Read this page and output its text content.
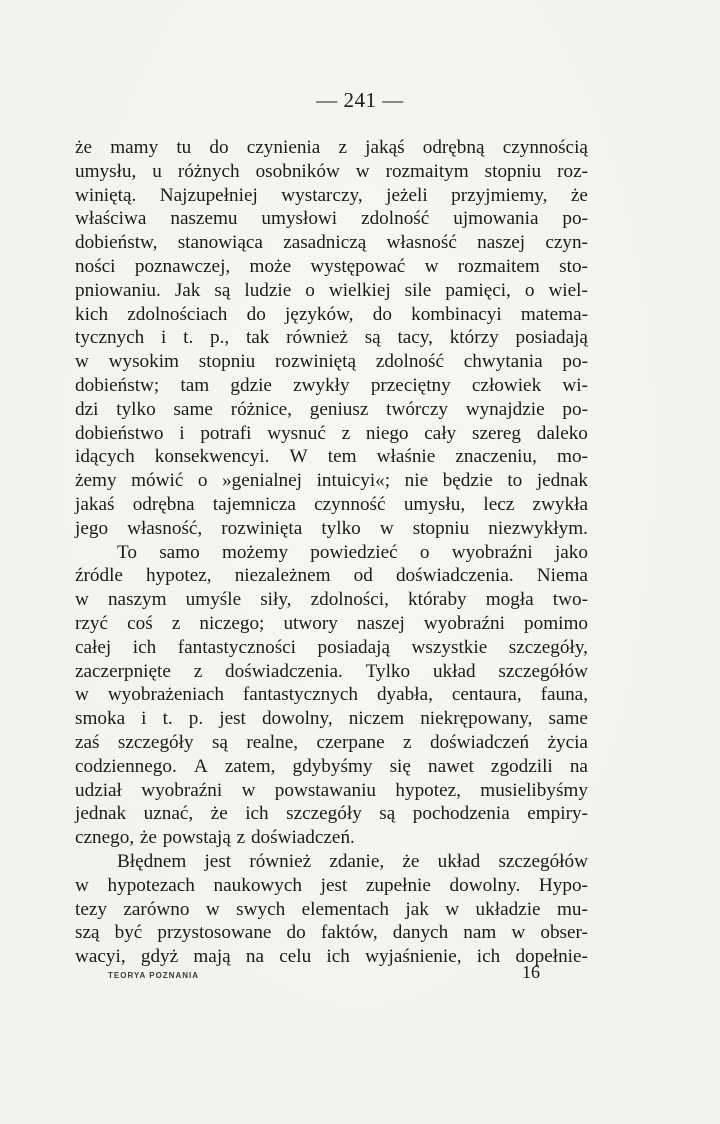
— 241 —
że mamy tu do czynienia z jakąś odrębną czynnością
umysłu, u różnych osobników w rozmaitym stopniu roz-
winiętą. Najzupełniej wystarczy, jeżeli przyjmiemy, że
właściwa naszemu umysłowi zdolność ujmowania po-
dobieństw, stanowiąca zasadniczą własność naszej czyn-
ności poznawczej, może występować w rozmaitem sto-
pniowaniu. Jak są ludzie o wielkiej sile pamięci, o wiel-
kich zdolnościach do języków, do kombinacyi matema-
tycznych i t. p., tak również są tacy, którzy posiadają
w wysokim stopniu rozwiniętą zdolność chwytania po-
dobieństw; tam gdzie zwykły przeciętny człowiek wi-
dzi tylko same różnice, geniusz twórczy wynajdzie po-
dobieństwo i potrafi wysnuć z niego cały szereg daleko
idących konsekwencyi. W tem właśnie znaczeniu, mo-
żemy mówić o »genialnej intuicyi«; nie będzie to jednak
jakaś odrębna tajemnicza czynność umysłu, lecz zwykła
jego własność, rozwinięta tylko w stopniu niezwykłym.
To samo możemy powiedzieć o wyobraźni jako
źródle hypotez, niezależnem od doświadczenia. Niema
w naszym umyśle siły, zdolności, któraby mogła two-
rzyć coś z niczego; utwory naszej wyobraźni pomimo
całej ich fantastyczności posiadają wszystkie szczegóły,
zaczerpnięte z doświadczenia. Tylko układ szczegółów
w wyobrażeniach fantastycznych dyabła, centaura, fauna,
smoka i t. p. jest dowolny, niczem niekrępowany, same
zaś szczegóły są realne, czerpane z doświadczeń życia
codziennego. A zatem, gdybyśmy się nawet zgodzili na
udział wyobraźni w powstawaniu hypotez, musielibyśmy
jednak uznać, że ich szczegóły są pochodzenia empiry-
cznego, że powstają z doświadczeń.
Błędnem jest również zdanie, że układ szczegółów
w hypotezach naukowych jest zupełnie dowolny. Hypo-
tezy zarówno w swych elementach jak w układzie mu-
szą być przystosowane do faktów, danych nam w obser-
wacyi, gdyż mają na celu ich wyjaśnienie, ich dopełnie-
TEORYA POZNANIA	16
